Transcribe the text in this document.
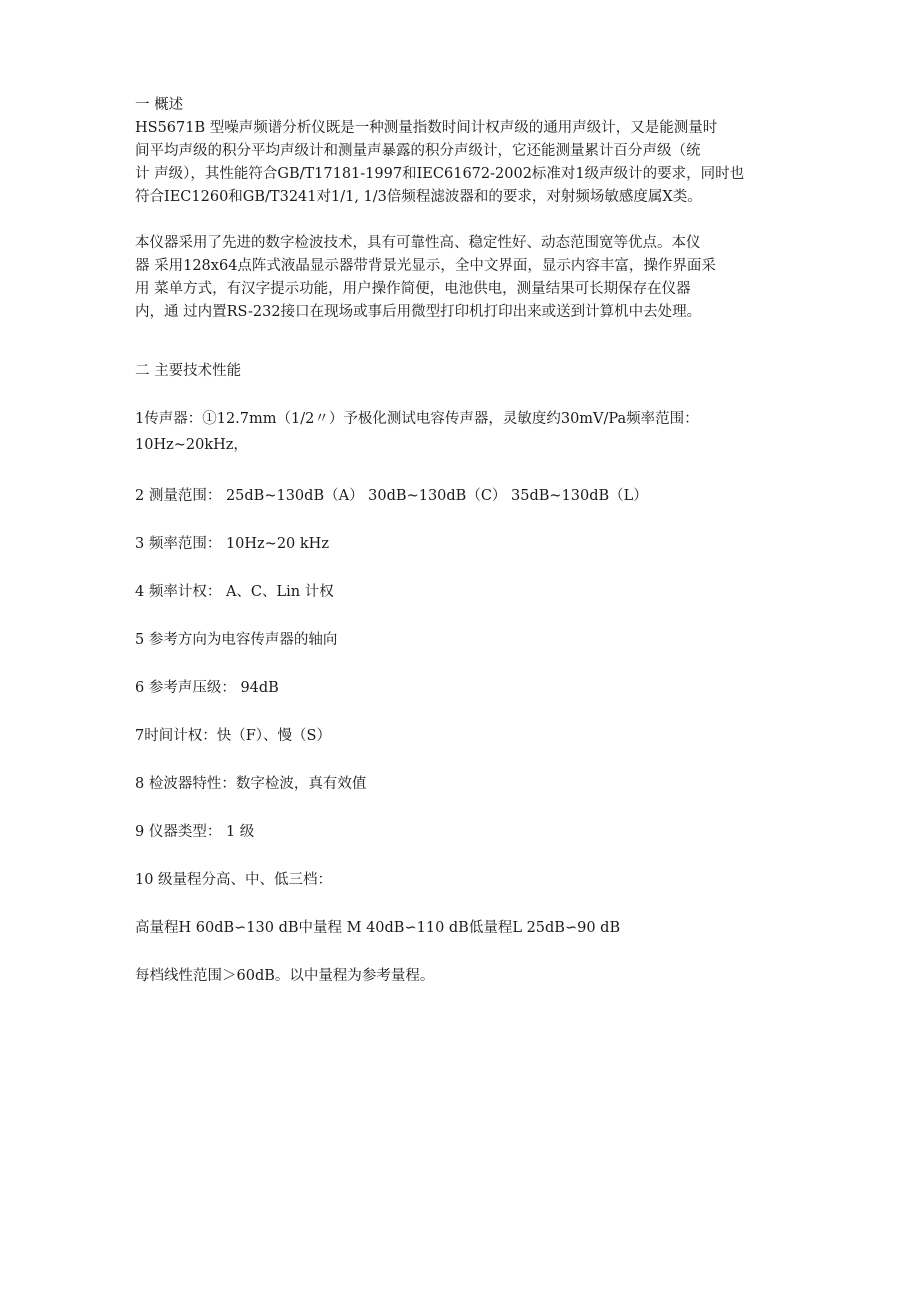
一 概述
HS5671B 型噪声频谱分析仪既是一种测量指数时间计权声级的通用声级计，又是能测量时
间平均声级的积分平均声级计和测量声暴露的积分声级计，它还能测量累计百分声级（统
计 声级），其性能符合GB/T17181-1997和IEC61672-2002标准对1级声级计的要求，同时也
符合IEC1260和GB/T3241对1/1, 1/3倍频程滤波器和的要求，对射频场敏感度属X类。
本仪器采用了先进的数字检波技术，具有可靠性高、稳定性好、动态范围宽等优点。本仪
器 采用128x64点阵式液晶显示器带背景光显示，全中文界面，显示内容丰富，操作界面采
用 菜单方式，有汉字提示功能，用户操作简便，电池供电，测量结果可长期保存在仪器
内，通 过内置RS-232接口在现场或事后用微型打印机打印出来或送到计算机中去处理。
二 主要技术性能
1传声器：①12.7mm（1/2〃）予极化测试电容传声器，灵敏度约30mV/Pa频率范围：
10Hz~20kHz，
2 测量范围： 25dB~130dB（A） 30dB~130dB（C） 35dB~130dB（L）
3 频率范围： 10Hz~20 kHz
4 频率计权： A、C、Lin 计权
5 参考方向为电容传声器的轴向
6 参考声压级： 94dB
7时间计权：快（F）、慢（S）
8 检波器特性：数字检波，真有效值
9 仪器类型： 1 级
10 级量程分高、中、低三档：
高量程H 60dB∽130 dB中量程 M 40dB∽110 dB低量程L 25dB∽90 dB
每档线性范围＞60dB。以中量程为参考量程。
